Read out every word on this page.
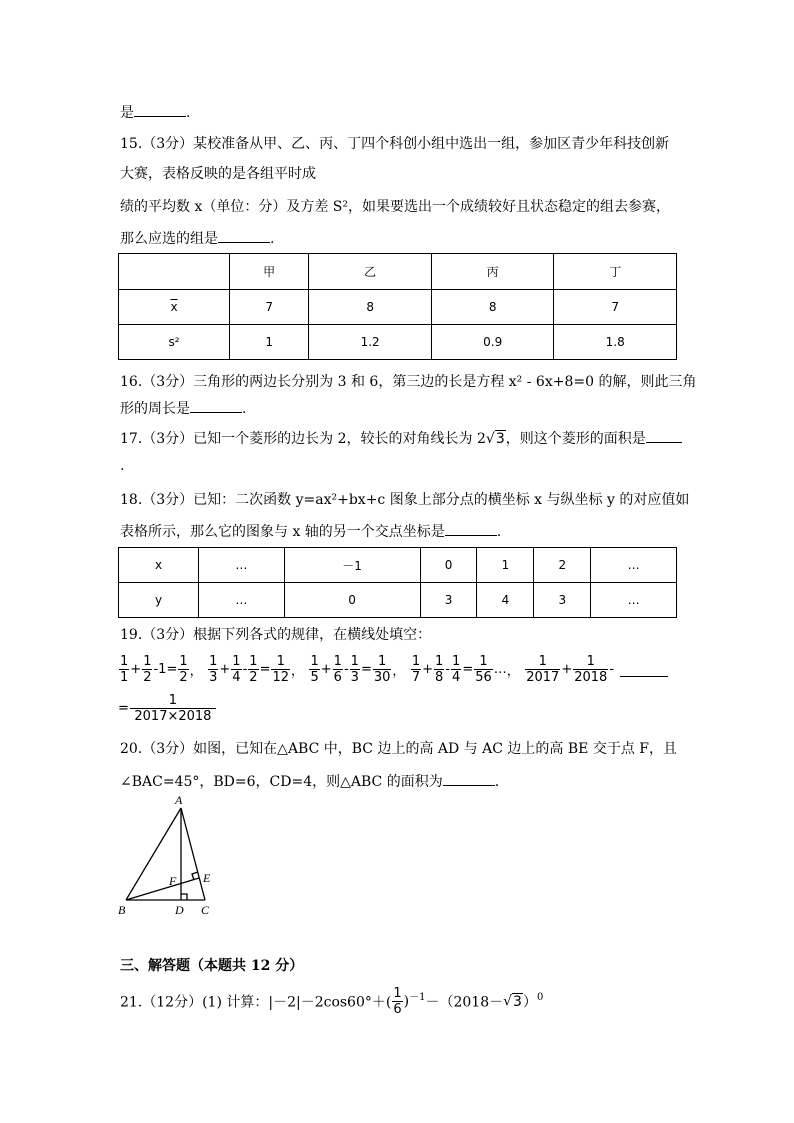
是	.
15.（3分）某校准备从甲、乙、丙、丁四个科创小组中选出一组，参加区青少年科技创新
大赛，表格反映的是各组平时成
绩的平均数 x（单位：分）及方差 S²，如果要选出一个成绩较好且状态稳定的组去参赛，
那么应选的组是	.
	甲	乙	丙	丁
$\overline{x}$	7	8	8	7
s²	1	1.2	0.9	1.8
16.（3分）三角形的两边长分别为 3 和 6，第三边的长是方程 x² - 6x+8=0 的解，则此三角
形的周长是	.
17.（3分）已知一个菱形的边长为 2，较长的对角线长为 2√3，则这个菱形的面积是
.
18.（3分）已知：二次函数 y=ax²+bx+c 图象上部分点的横坐标 x 与纵坐标 y 的对应值如
表格所示，那么它的图象与 x 轴的另一个交点坐标是	.
x	…	－1	0	1	2	…
y	…	0	3	4	3	…
19.（3分）根据下列各式的规律，在横线处填空：
$\frac{1}{1} + \frac{1}{2} -1= \frac{1}{2}$ ， $\frac{1}{3} + \frac{1}{4} - \frac{1}{2} = \frac{1}{12}$ ， $\frac{1}{5} + \frac{1}{6} - \frac{1}{3} = \frac{1}{30}$ ， $\frac{1}{7} + \frac{1}{8} - \frac{1}{4} = \frac{1}{56}$ …， $\frac{1}{2017} + \frac{1}{2018}$ -
= $\frac{1}{2017\times 2018}$
20.（3分）如图，已知在△ABC 中，BC 边上的高 AD 与 AC 边上的高 BE 交于点 F，且
∠BAC=45°，BD=6，CD=4，则△ABC 的面积为	.
A
B	C
D
E
F
三、解答题（本题共 12 分）
21.（12分）(1) 计算：$|-2|-2\cos 60^\circ+( \frac{1}{6} )^{-1}-(2018-√3)^0$
